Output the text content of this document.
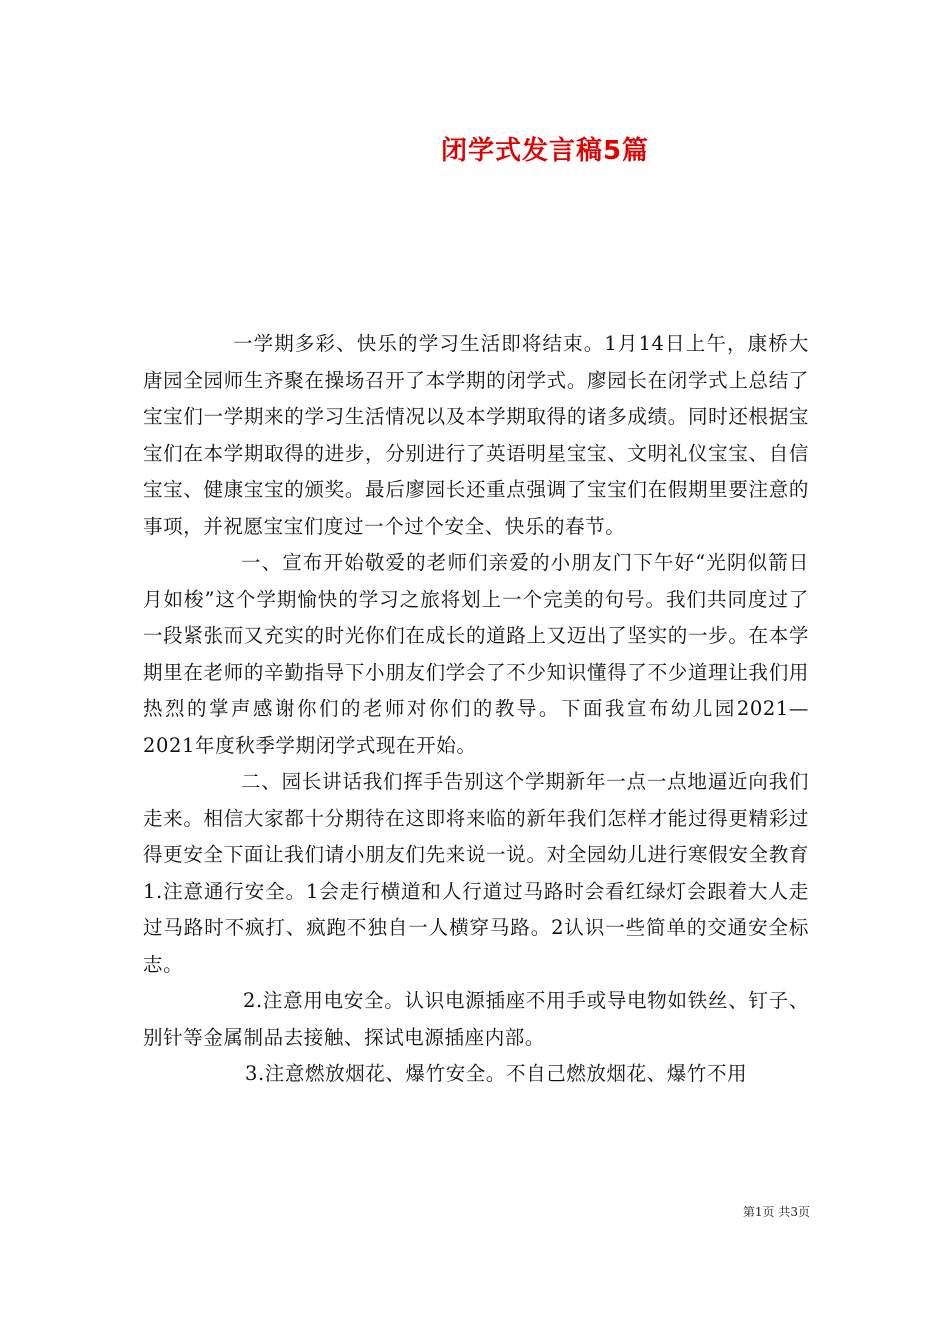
闭学式发言稿5篇

一学期多彩、快乐的学习生活即将结束。1月14日上午，康桥大唐园全园师生齐聚在操场召开了本学期的闭学式。廖园长在闭学式上总结了宝宝们一学期来的学习生活情况以及本学期取得的诸多成绩。同时还根据宝宝们在本学期取得的进步，分别进行了英语明星宝宝、文明礼仪宝宝、自信宝宝、健康宝宝的颁奖。最后廖园长还重点强调了宝宝们在假期里要注意的事项，并祝愿宝宝们度过一个过个安全、快乐的春节。

一、宣布开始敬爱的老师们亲爱的小朋友门下午好“光阴似箭日月如梭”这个学期愉快的学习之旅将划上一个完美的句号。我们共同度过了一段紧张而又充实的时光你们在成长的道路上又迈出了坚实的一步。在本学期里在老师的辛勤指导下小朋友们学会了不少知识懂得了不少道理让我们用热烈的掌声感谢你们的老师对你们的教导。下面我宣布幼儿园2021—2021年度秋季学期闭学式现在开始。

二、园长讲话我们挥手告别这个学期新年一点一点地逼近向我们走来。相信大家都十分期待在这即将来临的新年我们怎样才能过得更精彩过得更安全下面让我们请小朋友们先来说一说。对全园幼儿进行寒假安全教育1.注意通行安全。1会走行横道和人行道过马路时会看红绿灯会跟着大人走过马路时不疯打、疯跑不独自一人横穿马路。2认识一些简单的交通安全标志。

2.注意用电安全。认识电源插座不用手或导电物如铁丝、钉子、别针等金属制品去接触、探试电源插座内部。

3.注意燃放烟花、爆竹安全。不自己燃放烟花、爆竹不用

第1页 共3页
